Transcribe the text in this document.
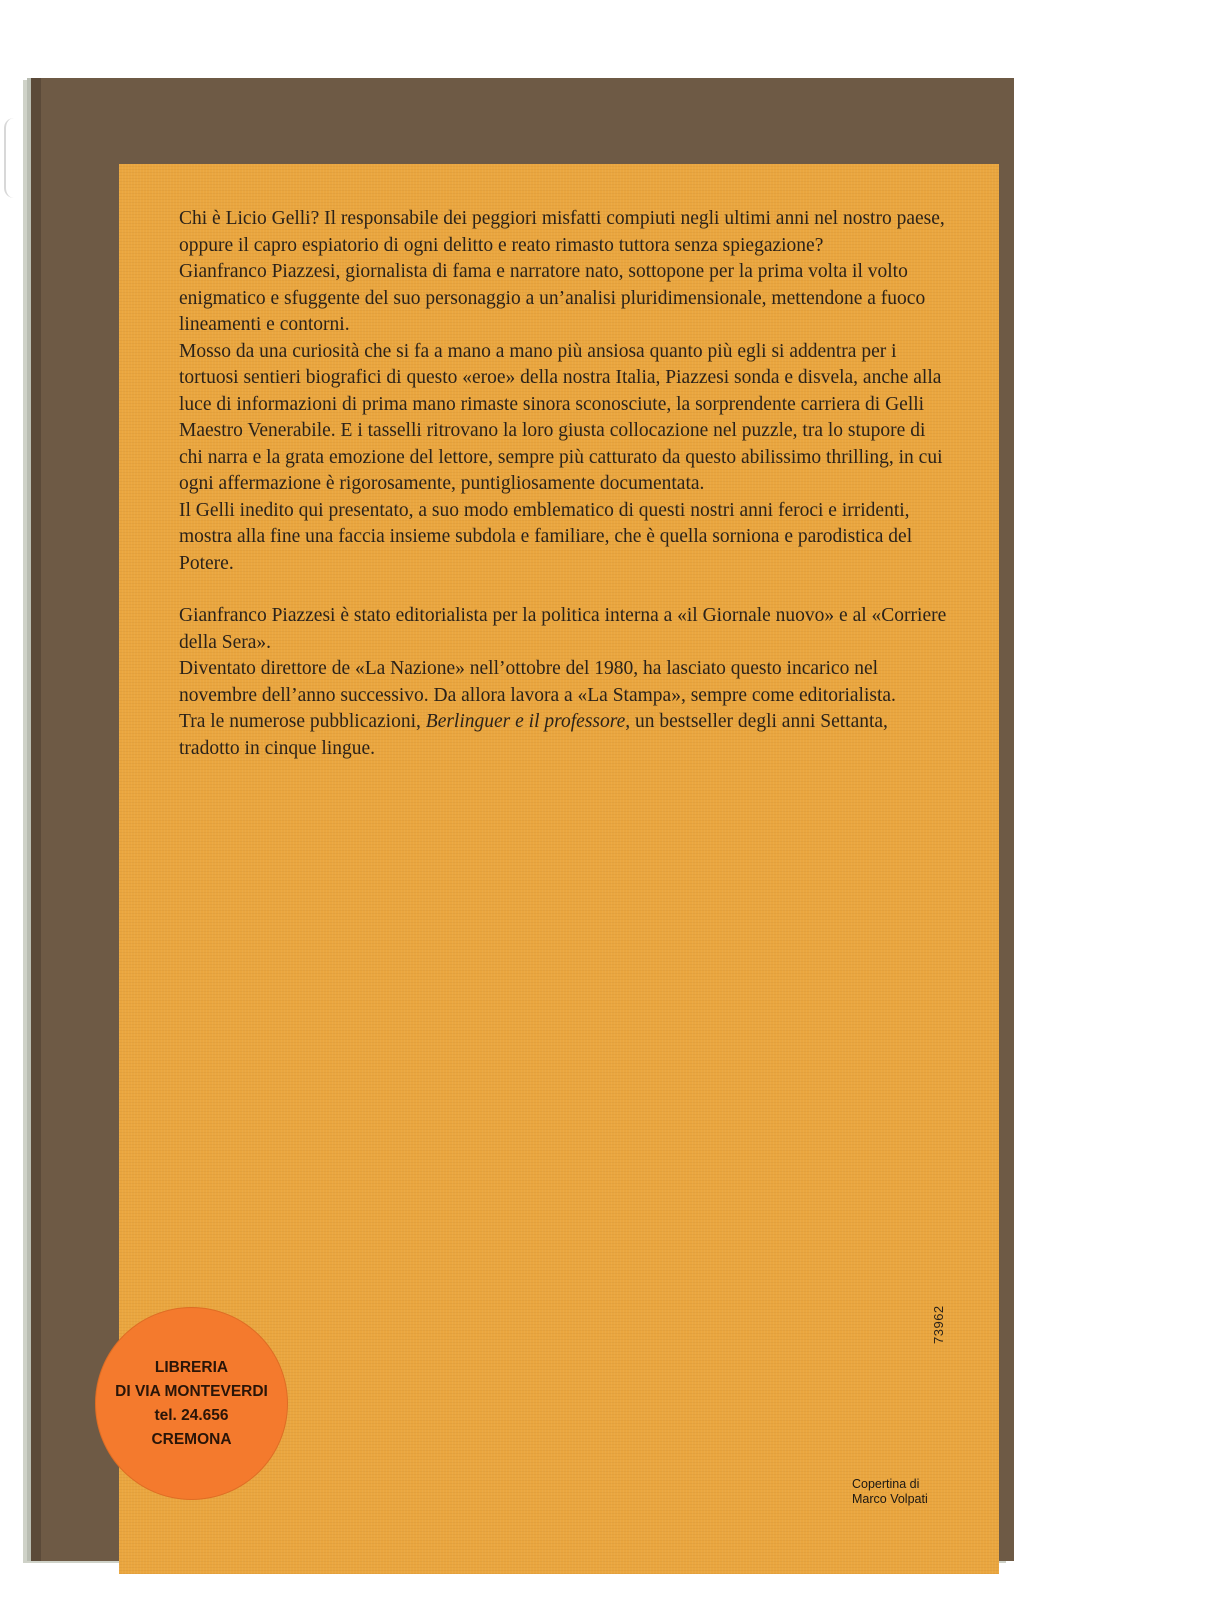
Chi è Licio Gelli? Il responsabile dei peggiori misfatti compiuti negli ultimi anni nel nostro paese, oppure il capro espiatorio di ogni delitto e reato rimasto tuttora senza spiegazione?

Gianfranco Piazzesi, giornalista di fama e narratore nato, sottopone per la prima volta il volto enigmatico e sfuggente del suo personaggio a un’analisi pluridimensionale, mettendone a fuoco lineamenti e contorni.

Mosso da una curiosità che si fa a mano a mano più ansiosa quanto più egli si addentra per i tortuosi sentieri biografici di questo «eroe» della nostra Italia, Piazzesi sonda e disvela, anche alla luce di informazioni di prima mano rimaste sinora sconosciute, la sorprendente carriera di Gelli Maestro Venerabile. E i tasselli ritrovano la loro giusta collocazione nel puzzle, tra lo stupore di chi narra e la grata emozione del lettore, sempre più catturato da questo abilissimo thrilling, in cui ogni affermazione è rigorosamente, puntigliosamente documentata.

Il Gelli inedito qui presentato, a suo modo emblematico di questi nostri anni feroci e irridenti, mostra alla fine una faccia insieme subdola e familiare, che è quella sorniona e parodistica del Potere.

Gianfranco Piazzesi è stato editorialista per la politica interna a «il Giornale nuovo» e al «Corriere della Sera».

Diventato direttore de «La Nazione» nell’ottobre del 1980, ha lasciato questo incarico nel novembre dell’anno successivo. Da allora lavora a «La Stampa», sempre come editorialista.

Tra le numerose pubblicazioni, Berlinguer e il professore, un bestseller degli anni Settanta, tradotto in cinque lingue.

73962
Copertina di
Marco Volpati
LIBRERIA
DI VIA MONTEVERDI
tel. 24.656
CREMONA
